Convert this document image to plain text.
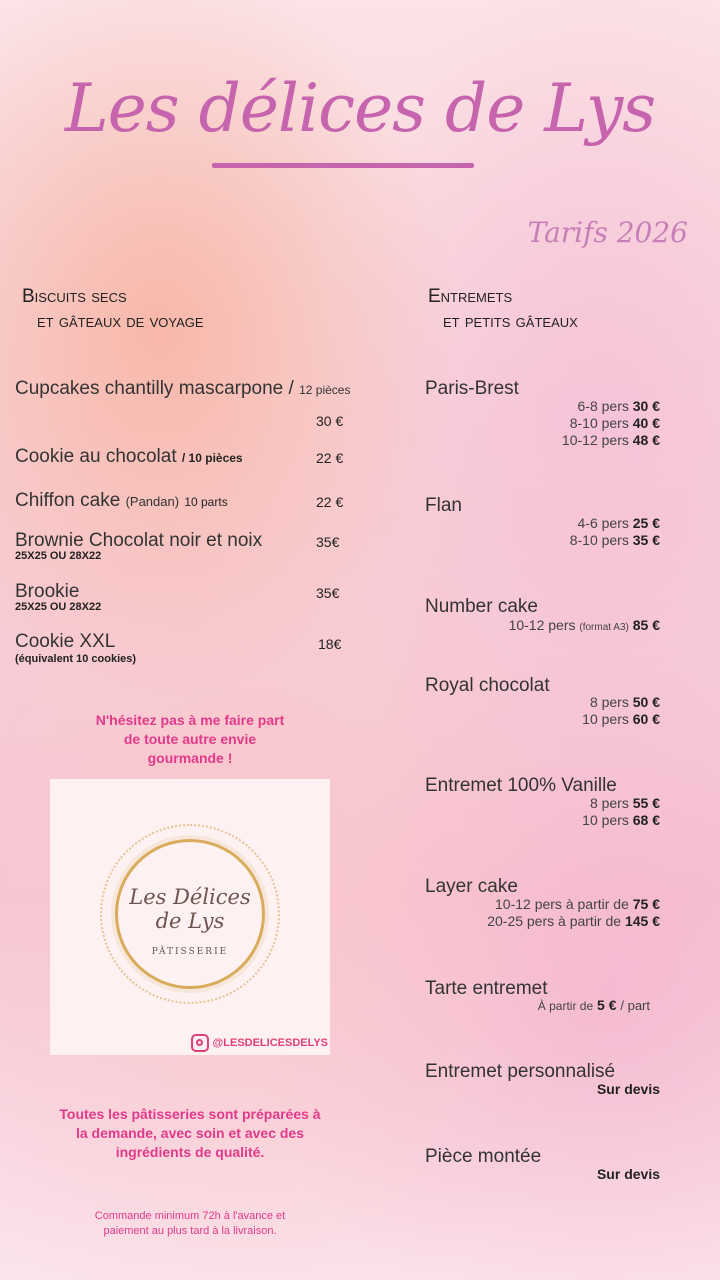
Les délices de Lys
Tarifs 2026
Biscuits secs
et gâteaux de voyage
Cupcakes chantilly mascarpone / 12 pièces
30 €
Cookie au chocolat / 10 pièces	22 €
Chiffon cake (Pandan) 10 parts	22 €
Brownie Chocolat noir et noix
25X25 OU 28X22
35€
Brookie
25X25 OU 28X22
35€
Cookie XXL
(équivalent 10 cookies)
18€
N'hésitez pas à me faire part
de toute autre envie
gourmande !
Les Délices
de Lys
PÂTISSERIE
@LESDELICESDELYS
Toutes les pâtisseries sont préparées à
la demande, avec soin et avec des
ingrédients de qualité.
Commande minimum 72h à l'avance et
paiement au plus tard à la livraison.
Entremets
et petits gâteaux
Paris-Brest
6-8 pers 30 €
8-10 pers 40 €
10-12 pers 48 €
Flan
4-6 pers 25 €
8-10 pers 35 €
Number cake
10-12 pers (format A3) 85 €
Royal chocolat
8 pers 50 €
10 pers 60 €
Entremet 100% Vanille
8 pers 55 €
10 pers 68 €
Layer cake
10-12 pers à partir de 75 €
20-25 pers à partir de 145 €
Tarte entremet
À partir de 5 € / part
Entremet personnalisé
Sur devis
Pièce montée
Sur devis
